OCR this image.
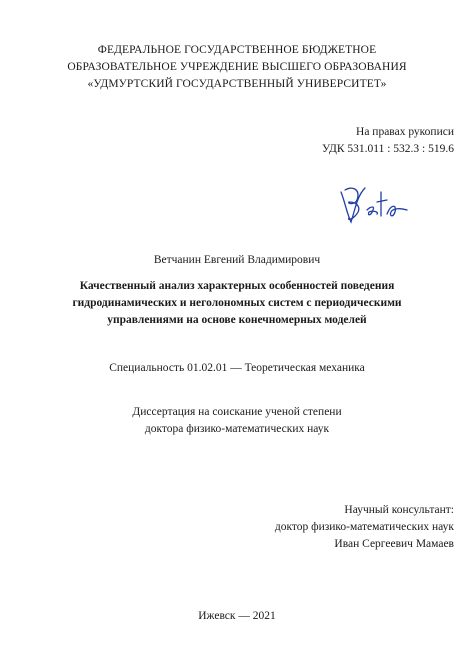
ФЕДЕРАЛЬНОЕ ГОСУДАРСТВЕННОЕ БЮДЖЕТНОЕ
ОБРАЗОВАТЕЛЬНОЕ УЧРЕЖДЕНИЕ ВЫСШЕГО ОБРАЗОВАНИЯ
«УДМУРТСКИЙ ГОСУДАРСТВЕННЫЙ УНИВЕРСИТЕТ»
На правах рукописи
УДК 531.011 : 532.3 : 519.6
Ветчанин Евгений Владимирович
Качественный анализ характерных особенностей поведения
гидродинамических и неголономных систем с периодическими
управлениями на основе конечномерных моделей
Специальность 01.02.01 — Теоретическая механика
Диссертация на соискание ученой степени
доктора физико-математических наук
Научный консультант:
доктор физико-математических наук
Иван Сергеевич Мамаев
Ижевск — 2021
